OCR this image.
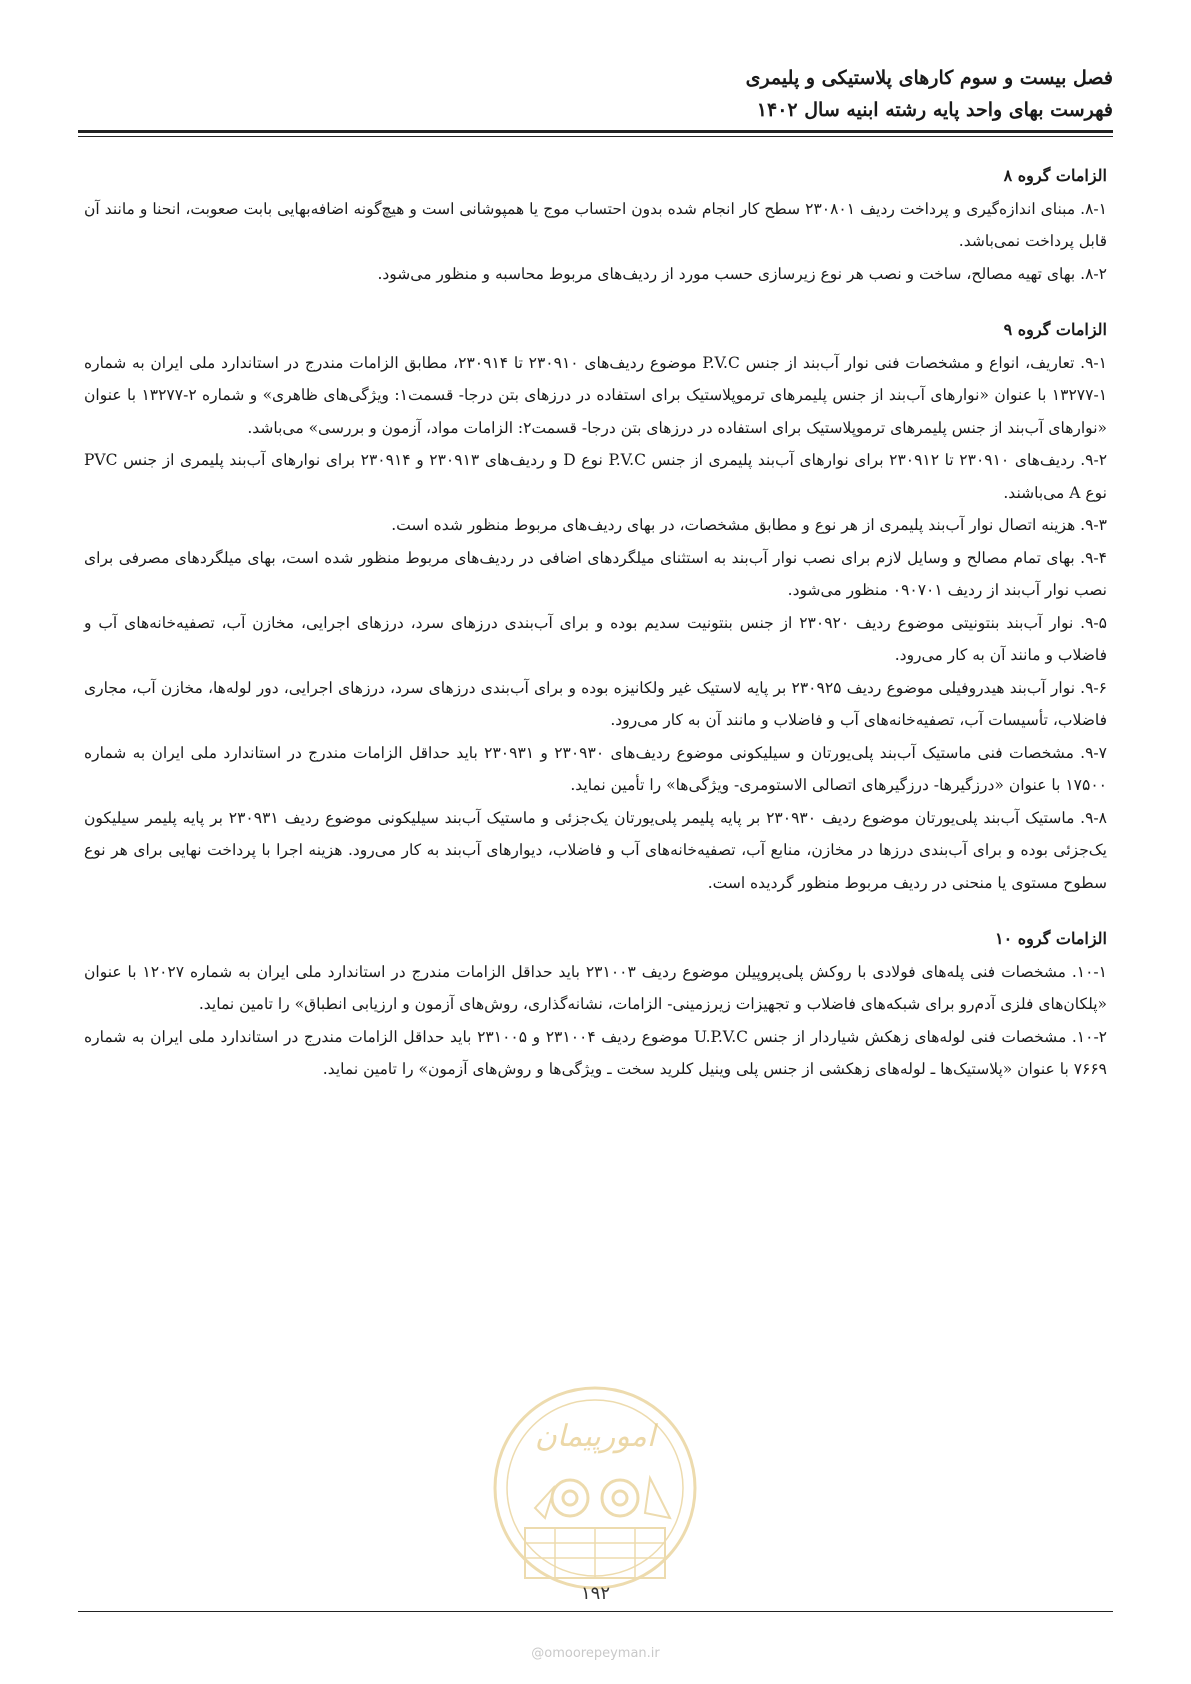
فصل بیست و سوم کارهای پلاستیکی و پلیمری
فهرست بهای واحد پایه رشته ابنیه سال ۱۴۰۲

الزامات گروه ۸

۸-۱. مبنای اندازه‌گیری و پرداخت ردیف ۲۳۰۸۰۱ سطح کار انجام شده بدون احتساب موج یا همپوشانی است و هیچ‌گونه اضافه‌بهایی بابت صعوبت، انحنا و مانند آن قابل پرداخت نمی‌باشد.

۸-۲. بهای تهیه مصالح، ساخت و نصب هر نوع زیرسازی حسب مورد از ردیف‌های مربوط محاسبه و منظور می‌شود.

الزامات گروه ۹

۹-۱. تعاریف، انواع و مشخصات فنی نوار آب‌بند از جنس P.V.C موضوع ردیف‌های ۲۳۰۹۱۰ تا ۲۳۰۹۱۴، مطابق الزامات مندرج در استاندارد ملی ایران به شماره ۱-۱۳۲۷۷ با عنوان «نوارهای آب‌بند از جنس پلیمرهای ترموپلاستیک برای استفاده در درزهای بتن درجا- قسمت۱: ویژگی‌های ظاهری» و شماره ۲-۱۳۲۷۷ با عنوان «نوارهای آب‌بند از جنس پلیمرهای ترموپلاستیک برای استفاده در درزهای بتن درجا- قسمت۲: الزامات مواد، آزمون و بررسی» می‌باشد.

۹-۲. ردیف‌های ۲۳۰۹۱۰ تا ۲۳۰۹۱۲ برای نوارهای آب‌بند پلیمری از جنس P.V.C نوع D و ردیف‌های ۲۳۰۹۱۳ و ۲۳۰۹۱۴ برای نوارهای آب‌بند پلیمری از جنس PVC نوع A می‌باشند.

۹-۳. هزینه اتصال نوار آب‌بند پلیمری از هر نوع و مطابق مشخصات، در بهای ردیف‌های مربوط منظور شده است.

۹-۴. بهای تمام مصالح و وسایل لازم برای نصب نوار آب‌بند به استثنای میلگردهای اضافی در ردیف‌های مربوط منظور شده است، بهای میلگردهای مصرفی برای نصب نوار آب‌بند از ردیف ۰۹۰۷۰۱ منظور می‌شود.

۹-۵. نوار آب‌بند بنتونیتی موضوع ردیف ۲۳۰۹۲۰ از جنس بنتونیت سدیم بوده و برای آب‌بندی درزهای سرد، درزهای اجرایی، مخازن آب، تصفیه‌خانه‌های آب و فاضلاب و مانند آن به کار می‌رود.

۹-۶. نوار آب‌بند هیدروفیلی موضوع ردیف ۲۳۰۹۲۵ بر پایه لاستیک غیر ولکانیزه بوده و برای آب‌بندی درزهای سرد، درزهای اجرایی، دور لوله‌ها، مخازن آب، مجاری فاضلاب، تأسیسات آب، تصفیه‌خانه‌های آب و فاضلاب و مانند آن به کار می‌رود.

۹-۷. مشخصات فنی ماستیک آب‌بند پلی‌یورتان و سیلیکونی موضوع ردیف‌های ۲۳۰۹۳۰ و ۲۳۰۹۳۱ باید حداقل الزامات مندرج در استاندارد ملی ایران به شماره ۱۷۵۰۰ با عنوان «درزگیرها- درزگیرهای اتصالی الاستومری- ویژگی‌ها» را تأمین نماید.

۹-۸. ماستیک آب‌بند پلی‌یورتان موضوع ردیف ۲۳۰۹۳۰ بر پایه پلیمر پلی‌یورتان یک‌جزئی و ماستیک آب‌بند سیلیکونی موضوع ردیف ۲۳۰۹۳۱ بر پایه پلیمر سیلیکون یک‌جزئی بوده و برای آب‌بندی درزها در مخازن، منابع آب، تصفیه‌خانه‌های آب و فاضلاب، دیوارهای آب‌بند به کار می‌رود. هزینه اجرا با پرداخت نهایی برای هر نوع سطوح مستوی یا منحنی در ردیف مربوط منظور گردیده است.

الزامات گروه ۱۰

۱۰-۱. مشخصات فنی پله‌های فولادی با روکش پلی‌پروپیلن موضوع ردیف ۲۳۱۰۰۳ باید حداقل الزامات مندرج در استاندارد ملی ایران به شماره ۱۲۰۲۷ با عنوان «پلکان‌های فلزی آدم‌رو برای شبکه‌های فاضلاب و تجهیزات زیرزمینی- الزامات، نشانه‌گذاری، روش‌های آزمون و ارزیابی انطباق» را تامین نماید.

۱۰-۲. مشخصات فنی لوله‌های زهکش شیاردار از جنس U.P.V.C موضوع ردیف ۲۳۱۰۰۴ و ۲۳۱۰۰۵ باید حداقل الزامات مندرج در استاندارد ملی ایران به شماره ۷۶۶۹ با عنوان «پلاستیک‌ها ـ لوله‌های زهکشی از جنس پلی وینیل کلرید سخت ـ ویژگی‌ها و روش‌های آزمون» را تامین نماید.

امورپیمان
۱۹۲
@omoorepeyman.ir
